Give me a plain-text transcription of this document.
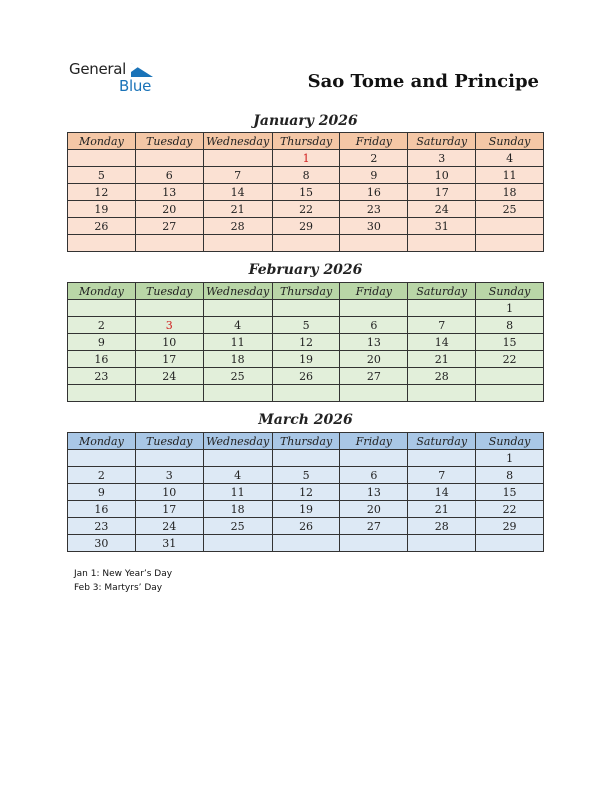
General
Blue	Sao Tome and Principe
January 2026
Monday	Tuesday	Wednesday	Thursday	Friday	Saturday	Sunday
			1	2	3	4
5	6	7	8	9	10	11
12	13	14	15	16	17	18
19	20	21	22	23	24	25
26	27	28	29	30	31	

February 2026
Monday	Tuesday	Wednesday	Thursday	Friday	Saturday	Sunday
						1
2	3	4	5	6	7	8
9	10	11	12	13	14	15
16	17	18	19	20	21	22
23	24	25	26	27	28	

March 2026
Monday	Tuesday	Wednesday	Thursday	Friday	Saturday	Sunday
						1
2	3	4	5	6	7	8
9	10	11	12	13	14	15
16	17	18	19	20	21	22
23	24	25	26	27	28	29
30	31					
Jan 1: New Year’s Day
Feb 3: Martyrs’ Day
